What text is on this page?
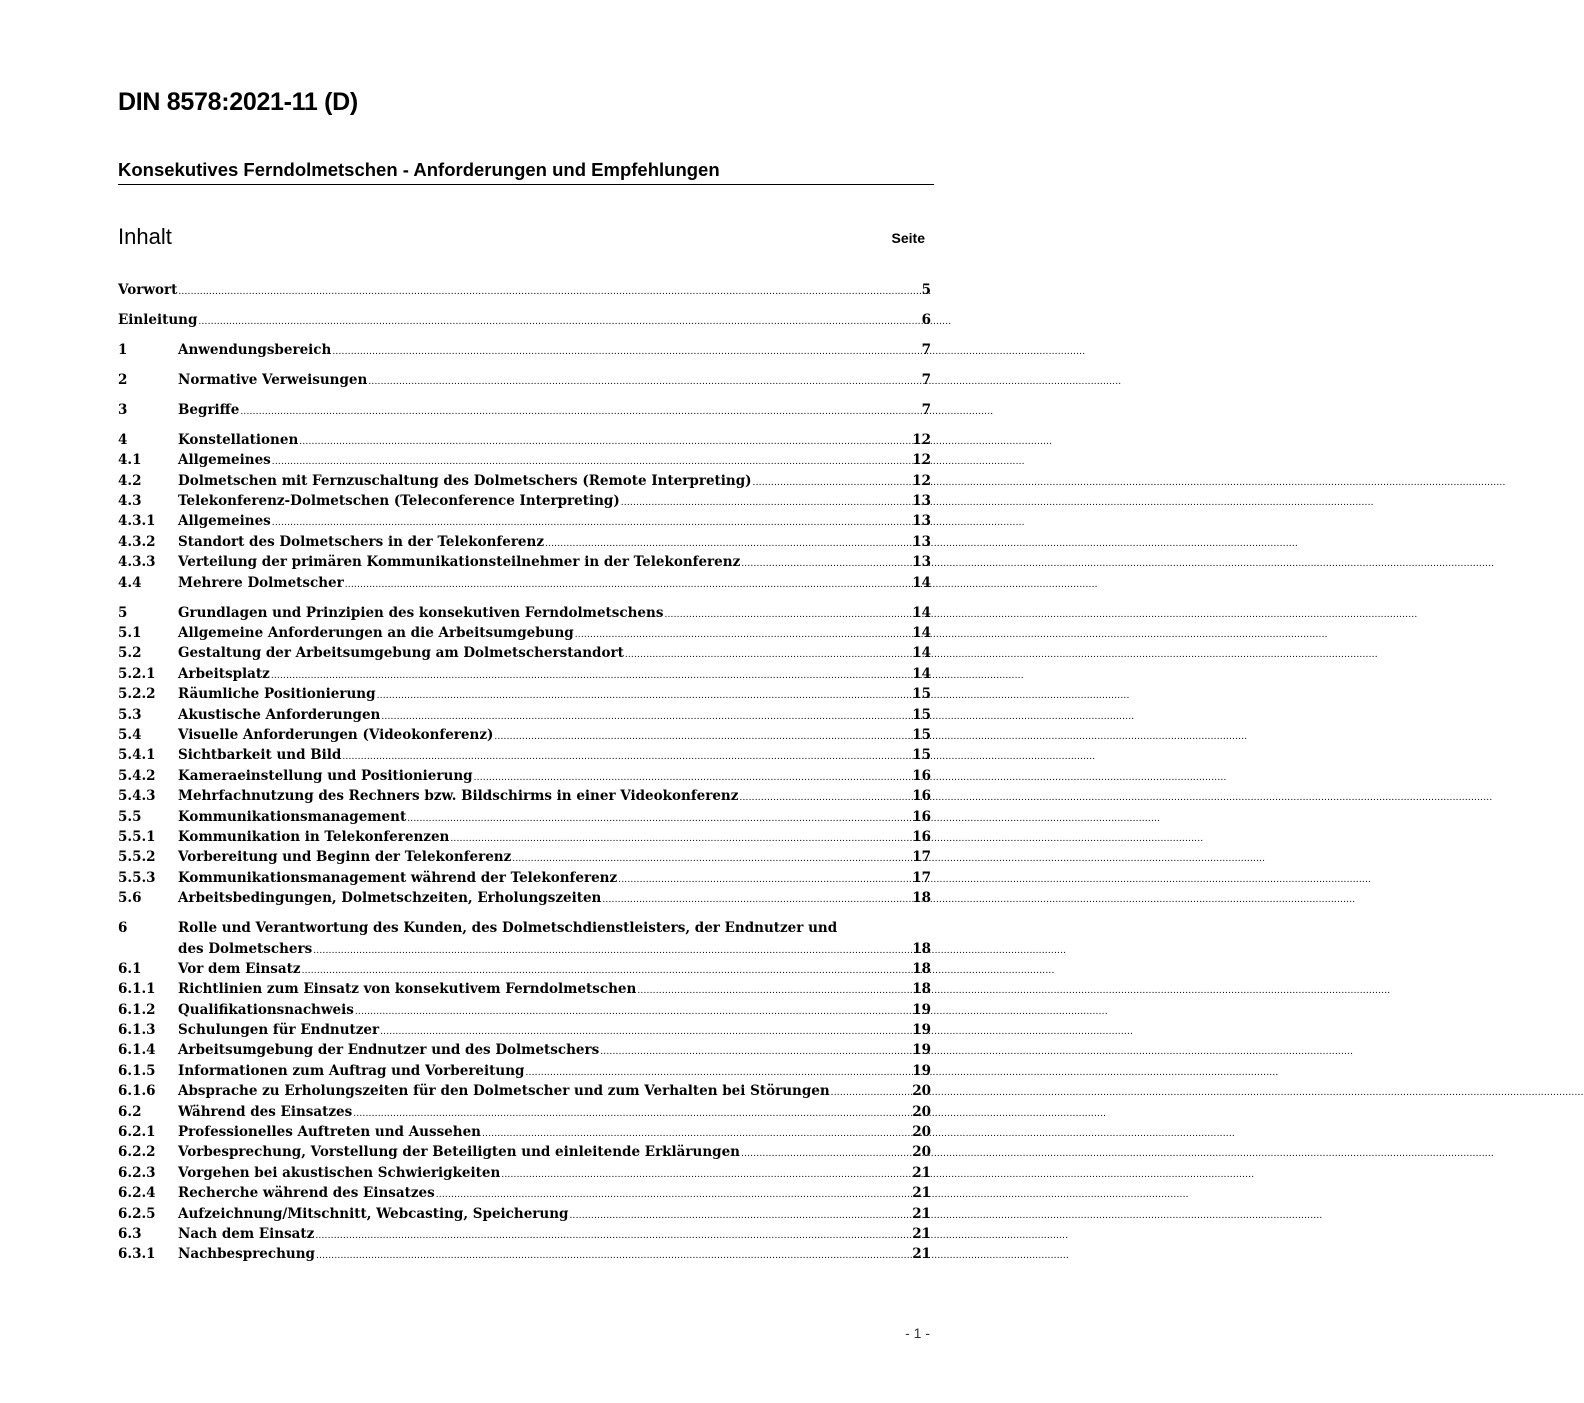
DIN 8578:2021-11 (D)
Konsekutives Ferndolmetschen - Anforderungen und Empfehlungen
Inhalt	Seite
Vorwort .....	5
Einleitung .....	6
1	Anwendungsbereich .....	7
2	Normative Verweisungen .....	7
3	Begriffe .....	7
4	Konstellationen .....	12
4.1	Allgemeines .....	12
4.2	Dolmetschen mit Fernzuschaltung des Dolmetschers (Remote Interpreting) .....	12
4.3	Telekonferenz-Dolmetschen (Teleconference Interpreting) .....	13
4.3.1	Allgemeines .....	13
4.3.2	Standort des Dolmetschers in der Telekonferenz .....	13
4.3.3	Verteilung der primären Kommunikationsteilnehmer in der Telekonferenz .....	13
4.4	Mehrere Dolmetscher .....	14
5	Grundlagen und Prinzipien des konsekutiven Ferndolmetschens .....	14
5.1	Allgemeine Anforderungen an die Arbeitsumgebung .....	14
5.2	Gestaltung der Arbeitsumgebung am Dolmetscherstandort .....	14
5.2.1	Arbeitsplatz .....	14
5.2.2	Räumliche Positionierung .....	15
5.3	Akustische Anforderungen .....	15
5.4	Visuelle Anforderungen (Videokonferenz) .....	15
5.4.1	Sichtbarkeit und Bild .....	15
5.4.2	Kameraeinstellung und Positionierung .....	16
5.4.3	Mehrfachnutzung des Rechners bzw. Bildschirms in einer Videokonferenz .....	16
5.5	Kommunikationsmanagement .....	16
5.5.1	Kommunikation in Telekonferenzen .....	16
5.5.2	Vorbereitung und Beginn der Telekonferenz .....	17
5.5.3	Kommunikationsmanagement während der Telekonferenz .....	17
5.6	Arbeitsbedingungen, Dolmetschzeiten, Erholungszeiten .....	18
6	Rolle und Verantwortung des Kunden, des Dolmetschdienstleisters, der Endnutzer und
des Dolmetschers .....	18
6.1	Vor dem Einsatz .....	18
6.1.1	Richtlinien zum Einsatz von konsekutivem Ferndolmetschen .....	18
6.1.2	Qualifikationsnachweis .....	19
6.1.3	Schulungen für Endnutzer .....	19
6.1.4	Arbeitsumgebung der Endnutzer und des Dolmetschers .....	19
6.1.5	Informationen zum Auftrag und Vorbereitung .....	19
6.1.6	Absprache zu Erholungszeiten für den Dolmetscher und zum Verhalten bei Störungen .....	20
6.2	Während des Einsatzes .....	20
6.2.1	Professionelles Auftreten und Aussehen .....	20
6.2.2	Vorbesprechung, Vorstellung der Beteiligten und einleitende Erklärungen .....	20
6.2.3	Vorgehen bei akustischen Schwierigkeiten .....	21
6.2.4	Recherche während des Einsatzes .....	21
6.2.5	Aufzeichnung/Mitschnitt, Webcasting, Speicherung .....	21
6.3	Nach dem Einsatz .....	21
6.3.1	Nachbesprechung .....	21
- 1 -
